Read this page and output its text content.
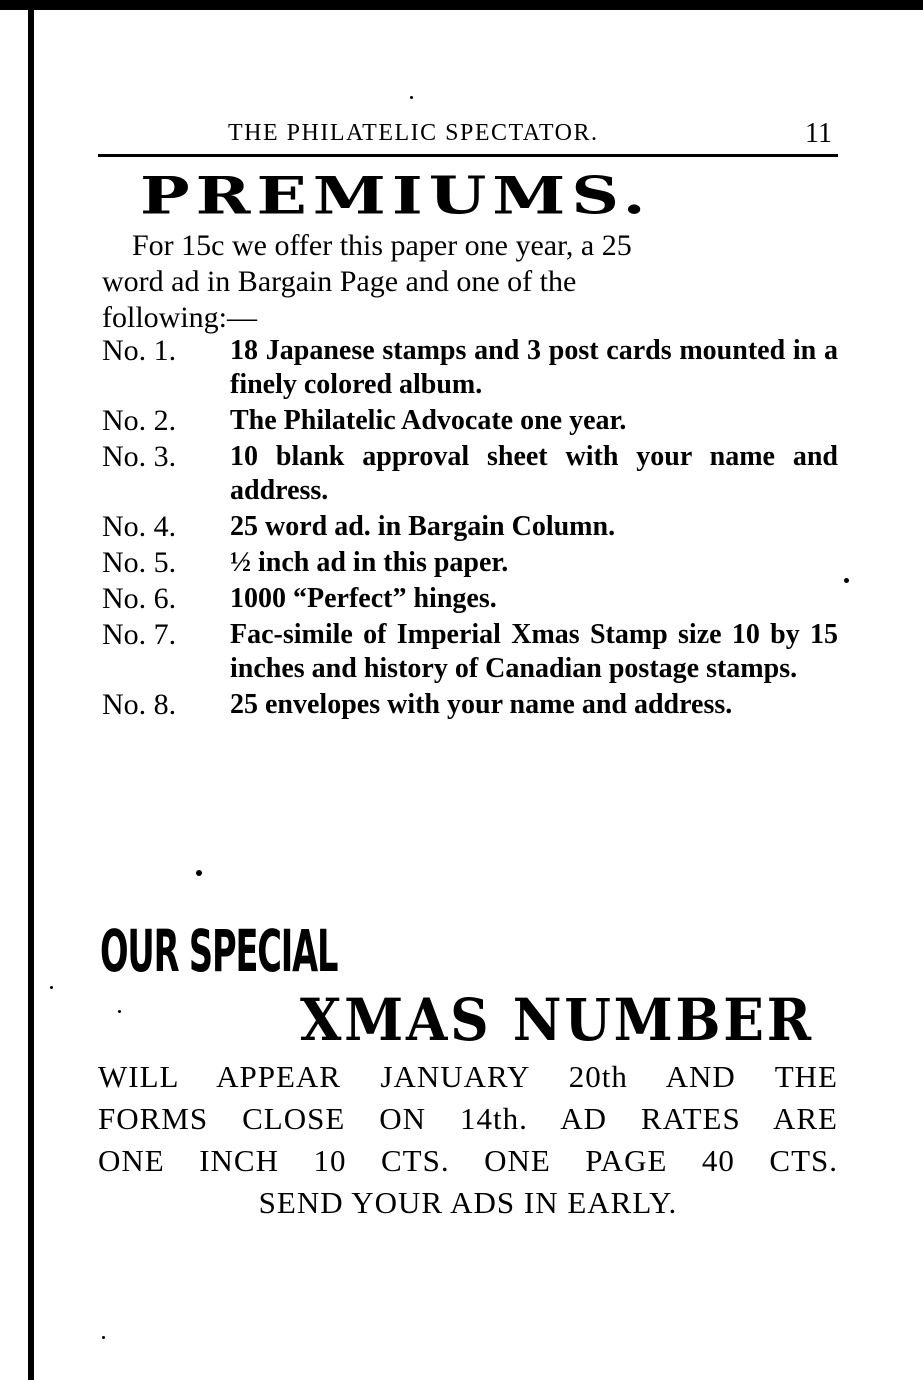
THE PHILATELIC SPECTATOR.	11
PREMIUMS.
For 15c we offer this paper one year, a 25
word ad in Bargain Page and one of the
following:—
No. 1.	18 Japanese stamps and 3 post cards mounted in a finely colored album.
No. 2.	The Philatelic Advocate one year.
No. 3.	10 blank approval sheet with your name and address.
No. 4.	25 word ad. in Bargain Column.
No. 5.	½ inch ad in this paper.
No. 6.	1000 “Perfect” hinges.
No. 7.	Fac-simile of Imperial Xmas Stamp size 10 by 15 inches and history of Canadian postage stamps.
No. 8.	25 envelopes with your name and address.
OUR SPECIAL
XMAS NUMBER
WILL APPEAR JANUARY 20th AND THE
FORMS CLOSE ON 14th. AD RATES ARE
ONE INCH 10 CTS. ONE PAGE 40 CTS.
SEND YOUR ADS IN EARLY.
